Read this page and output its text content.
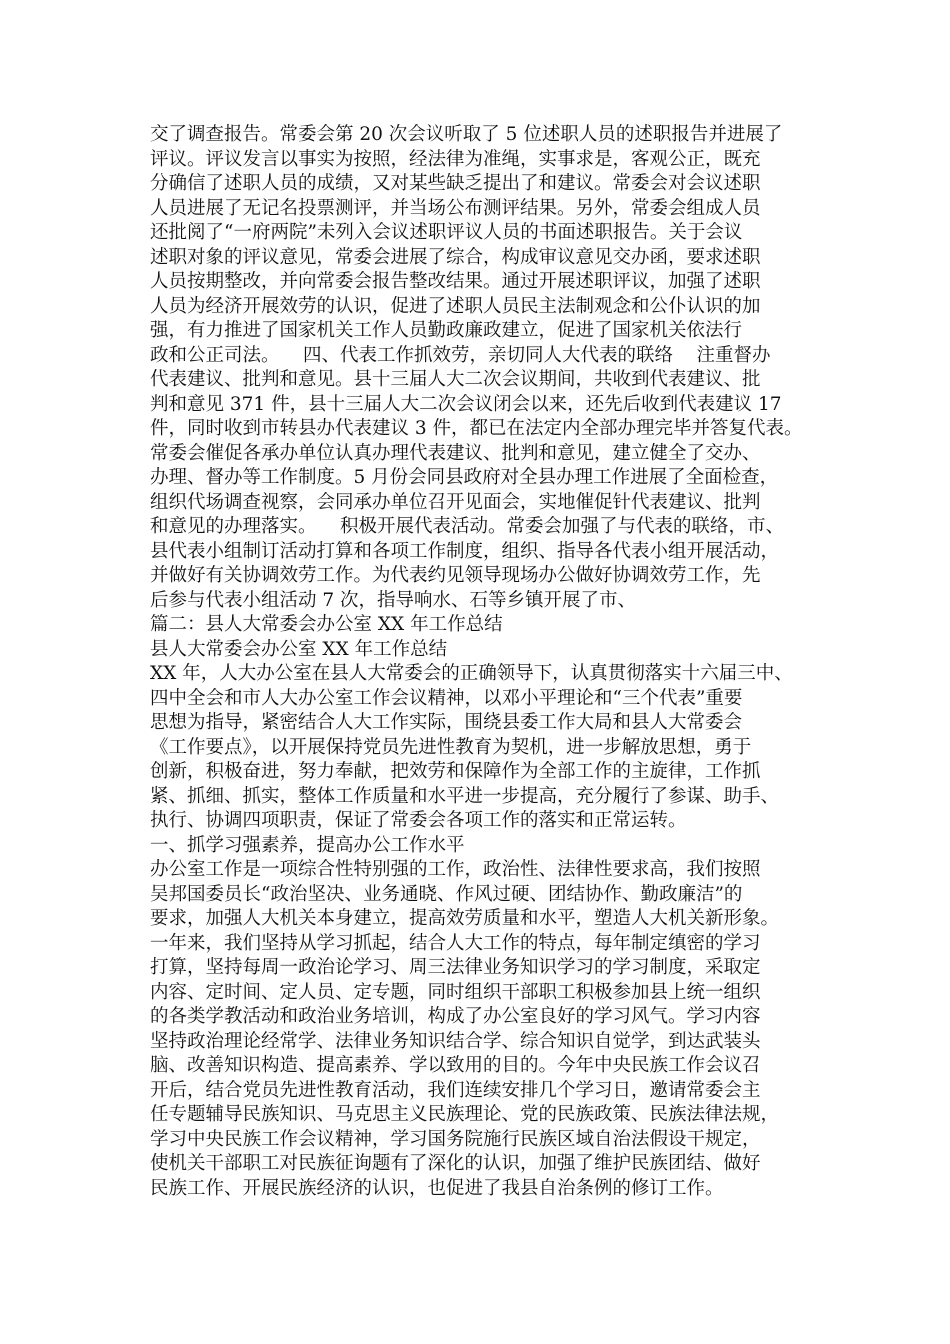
交了调查报告。常委会第 20 次会议听取了 5 位述职人员的述职报告并进展了
评议。评议发言以事实为按照，经法律为准绳，实事求是，客观公正，既充
分确信了述职人员的成绩，又对某些缺乏提出了和建议。常委会对会议述职
人员进展了无记名投票测评，并当场公布测评结果。另外，常委会组成人员
还批阅了“一府两院”未列入会议述职评议人员的书面述职报告。关于会议
述职对象的评议意见，常委会进展了综合，构成审议意见交办函，要求述职
人员按期整改，并向常委会报告整改结果。通过开展述职评议，加强了述职
人员为经济开展效劳的认识，促进了述职人员民主法制观念和公仆认识的加
强，有力推进了国家机关工作人员勤政廉政建立，促进了国家机关依法行
政和公正司法。    四、代表工作抓效劳，亲切同人大代表的联络    注重督办
代表建议、批判和意见。县十三届人大二次会议期间，共收到代表建议、批
判和意见 371 件，县十三届人大二次会议闭会以来，还先后收到代表建议 17
件，同时收到市转县办代表建议 3 件，都已在法定内全部办理完毕并答复代表。
常委会催促各承办单位认真办理代表建议、批判和意见，建立健全了交办、
办理、督办等工作制度。5 月份会同县政府对全县办理工作进展了全面检查，
组织代场调查视察，会同承办单位召开见面会，实地催促针代表建议、批判
和意见的办理落实。    积极开展代表活动。常委会加强了与代表的联络，市、
县代表小组制订活动打算和各项工作制度，组织、指导各代表小组开展活动，
并做好有关协调效劳工作。为代表约见领导现场办公做好协调效劳工作，先
后参与代表小组活动 7 次，指导响水、石等乡镇开展了市、
篇二：县人大常委会办公室 XX 年工作总结
县人大常委会办公室 XX 年工作总结
XX 年，人大办公室在县人大常委会的正确领导下，认真贯彻落实十六届三中、
四中全会和市人大办公室工作会议精神，以邓小平理论和“三个代表”重要
思想为指导，紧密结合人大工作实际，围绕县委工作大局和县人大常委会
《工作要点》，以开展保持党员先进性教育为契机，进一步解放思想，勇于
创新，积极奋进，努力奉献，把效劳和保障作为全部工作的主旋律，工作抓
紧、抓细、抓实，整体工作质量和水平进一步提高，充分履行了参谋、助手、
执行、协调四项职责，保证了常委会各项工作的落实和正常运转。
一、抓学习强素养，提高办公工作水平
办公室工作是一项综合性特别强的工作，政治性、法律性要求高，我们按照
吴邦国委员长“政治坚决、业务通晓、作风过硬、团结协作、勤政廉洁”的
要求，加强人大机关本身建立，提高效劳质量和水平，塑造人大机关新形象。
一年来，我们坚持从学习抓起，结合人大工作的特点，每年制定缜密的学习
打算，坚持每周一政治论学习、周三法律业务知识学习的学习制度，采取定
内容、定时间、定人员、定专题，同时组织干部职工积极参加县上统一组织
的各类学教活动和政治业务培训，构成了办公室良好的学习风气。学习内容
坚持政治理论经常学、法律业务知识结合学、综合知识自觉学，到达武装头
脑、改善知识构造、提高素养、学以致用的目的。今年中央民族工作会议召
开后，结合党员先进性教育活动，我们连续安排几个学习日，邀请常委会主
任专题辅导民族知识、马克思主义民族理论、党的民族政策、民族法律法规，
学习中央民族工作会议精神，学习国务院施行民族区域自治法假设干规定，
使机关干部职工对民族征询题有了深化的认识，加强了维护民族团结、做好
民族工作、开展民族经济的认识，也促进了我县自治条例的修订工作。
